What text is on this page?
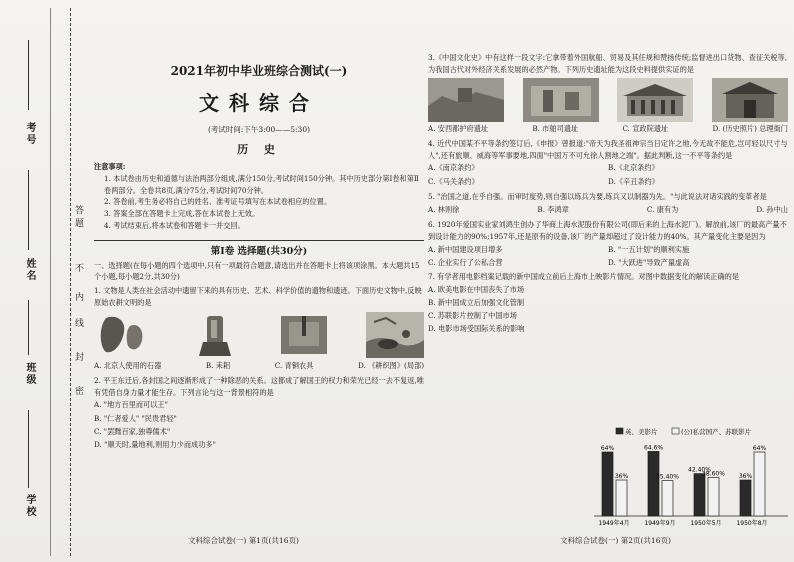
考号
姓名
班级
学校
答
题
不
内
线
封
密
2021年初中毕业班综合测试(一)
文科综合
(考试时间:下午3:00——5:30)
历 史
注意事项:
1. 本试卷由历史和道德与法治两部分组成,满分150分,考试时间150分钟。其中历史部分第Ⅰ卷和第Ⅱ卷两部分。全卷共8页,满分75分,考试时间70分钟。
2. 答卷前,考生务必将自己的姓名、准考证号填写在本试卷相应的位置。
3. 答案全部在答题卡上完成,答在本试卷上无效。
4. 考试结束后,将本试卷和答题卡一并交回。
第Ⅰ卷 选择题(共30分)
一、选择题(在每小题的四个选项中,只有一项最符合题意,请选出并在答题卡上将该项涂黑。本大题共15个小题,每小题2分,共30分)
1. 文物是人类在社会活动中遗留下来的具有历史、艺术、科学价值的遗物和遗迹。下面历史文物中,反映原始农耕文明的是
A. 北京人使用的石器	B. 耒耜	C. 青铜农具	D. 《耕织图》(局部)
2. 平王东迁后,各封国之间逐渐形成了一种除恶的关系。这都成了解国王的权力和荣光已经一去不复返,唯有凭借自身力量才能生存。下列言论与这一背景相符的是
A. "地方百里而可以王"
B. "仁者爱人" "民贵君轻"
C. "罢黜百家,独尊儒术"
D. "顺天时,量地利,则用力少而成功多"
文科综合试卷(一) 第1页(共16页)
3.《中国文化史》中有这样一段文字:它拿带着外国航船、贸易及其任规和赞扬传统;监督进出口货物、查征关税等,为我国古代对外经济关系发展的必然产物。下列历史遗址能为这段史料提供实证的是
A. 安西都护府遗址	B. 市舶司遗址	C. 宣政院遗址	D. (历史照片) 总理衙门
4. 近代中国某不平等条约签订后,《申报》曾报道:"帝天为我圣祖神宗当日定许之地,今无故不能危,岂可轻以尺寸与人",还有旅顺、威海等军事要地,四面"中国万不可允徐人割地之端"。据此判断,这一不平等条约是
A.《南京条约》	B.《北京条约》
C.《马关条约》	D.《辛丑条约》
5. "治国之道,在乎自强。而审时度势,则自强以练兵为要,练兵又以制器为先。"与此说法对诸实践的变革者是
A. 林则徐	B. 李鸿章	C. 康有为	D. 孙中山
6. 1920年爱国实业家刘鸿生创办了华商上海水泥股份有限公司(即后来的上海水泥厂)。解放前,该厂的最高产量不到设计能力的90%;1957年,还是原有的设备,该厂的产量却超过了设计能力的40%。其产量变化主要是因为
A. 新中国建设项目增多	B. "一五计划"的顺利实施
C. 企业实行了公私合营	D. "大跃进"导致产量虚高
7. 有学者用电影档案记载的新中国成立前后上海市上映影片情况。对图中数据变化的解读正确的是
A. 欧美电影在中国丧失了市场
B. 新中国成立后加强文化管制
C. 苏联影片控制了中国市场
D. 电影市场受国际关系的影响
英、美影片	(公)私营国产、苏联影片
64%
36%
1949年4月
64.6%
35.40%
1949年9月
42.40%
38.60%
1950年5月
36%
64%
1950年8月
文科综合试卷(一) 第2页(共16页)
